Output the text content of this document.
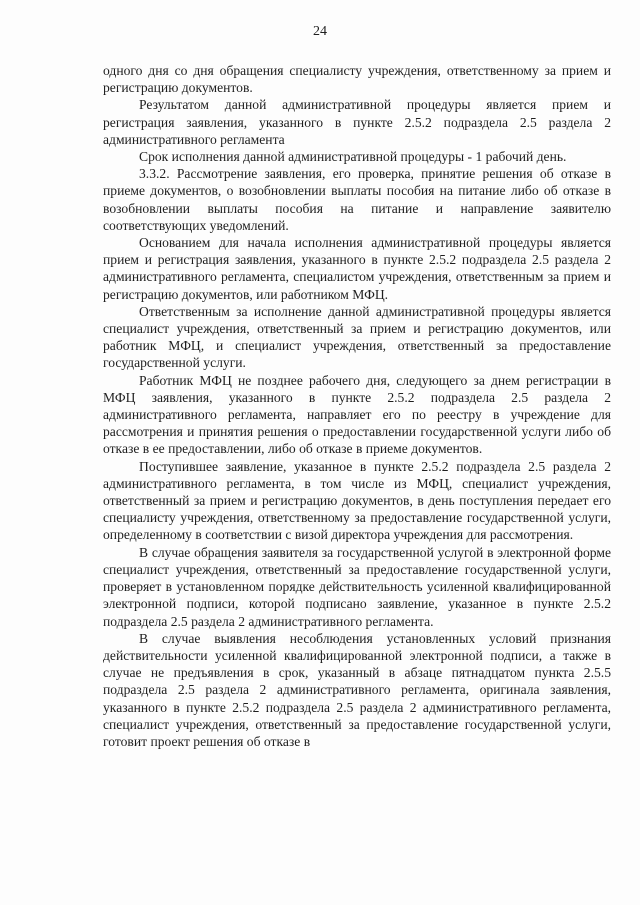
24

одного дня со дня обращения специалисту учреждения, ответственному за прием и регистрацию документов.

Результатом данной административной процедуры является прием и регистрация заявления, указанного в пункте 2.5.2 подраздела 2.5 раздела 2 административного регламента

Срок исполнения данной административной процедуры - 1 рабочий день.

3.3.2. Рассмотрение заявления, его проверка, принятие решения об отказе в приеме документов, о возобновлении выплаты пособия на питание либо об отказе в возобновлении выплаты пособия на питание и направление заявителю соответствующих уведомлений.

Основанием для начала исполнения административной процедуры является прием и регистрация заявления, указанного в пункте 2.5.2 подраздела 2.5 раздела 2 административного регламента, специалистом учреждения, ответственным за прием и регистрацию документов, или работником МФЦ.

Ответственным за исполнение данной административной процедуры является специалист учреждения, ответственный за прием и регистрацию документов, или работник МФЦ, и специалист учреждения, ответственный за предоставление государственной услуги.

Работник МФЦ не позднее рабочего дня, следующего за днем регистрации в МФЦ заявления, указанного в пункте 2.5.2 подраздела 2.5 раздела 2 административного регламента, направляет его по реестру в учреждение для рассмотрения и принятия решения о предоставлении государственной услуги либо об отказе в ее предоставлении, либо об отказе в приеме документов.

Поступившее заявление, указанное в пункте 2.5.2 подраздела 2.5 раздела 2 административного регламента, в том числе из МФЦ, специалист учреждения, ответственный за прием и регистрацию документов, в день поступления передает его специалисту учреждения, ответственному за предоставление государственной услуги, определенному в соответствии с визой директора учреждения для рассмотрения.

В случае обращения заявителя за государственной услугой в электронной форме специалист учреждения, ответственный за предоставление государственной услуги, проверяет в установленном порядке действительность усиленной квалифицированной электронной подписи, которой подписано заявление, указанное в пункте 2.5.2 подраздела 2.5 раздела 2 административного регламента.

В случае выявления несоблюдения установленных условий признания действительности усиленной квалифицированной электронной подписи, а также в случае не предъявления в срок, указанный в абзаце пятнадцатом пункта 2.5.5 подраздела 2.5 раздела 2 административного регламента, оригинала заявления, указанного в пункте 2.5.2 подраздела 2.5 раздела 2 административного регламента, специалист учреждения, ответственный за предоставление государственной услуги, готовит проект решения об отказе в
